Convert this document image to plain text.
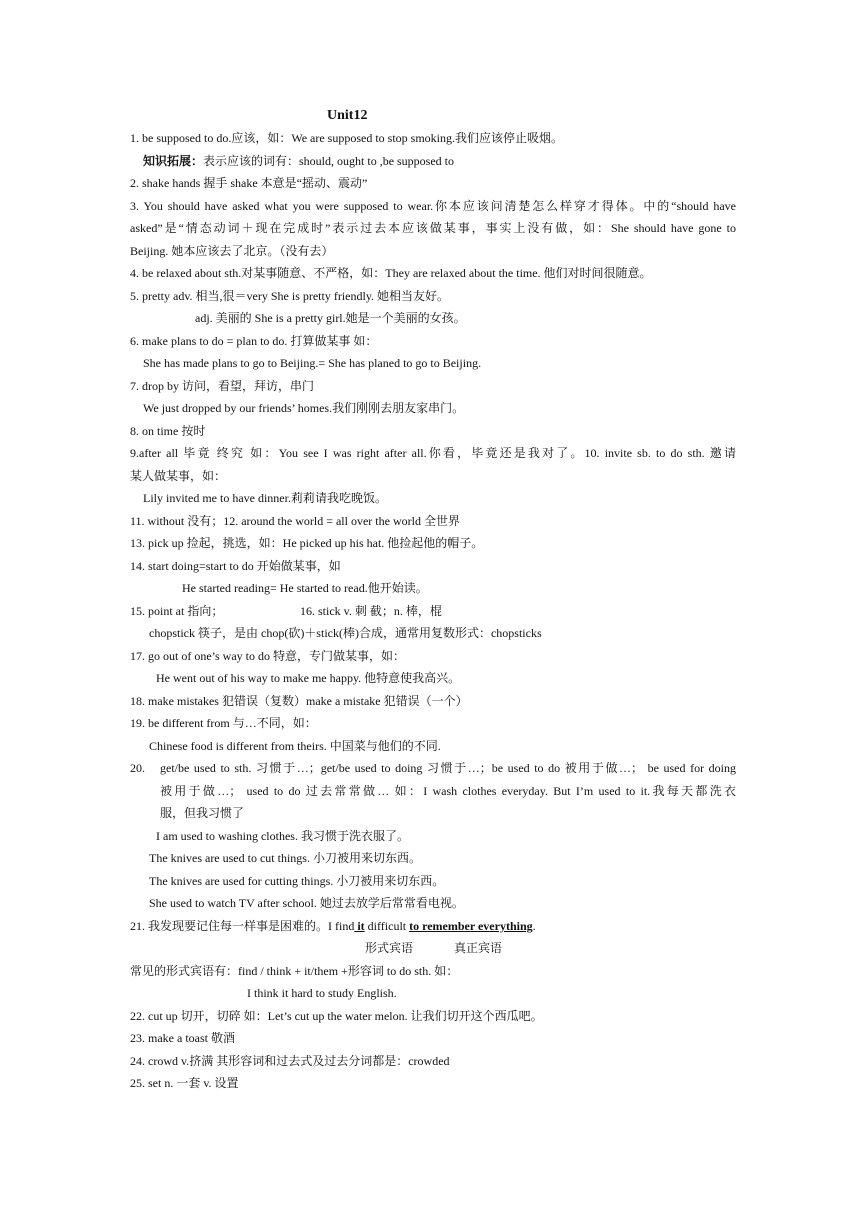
Unit12
1. be supposed to do.应该，如：We are supposed to stop smoking.我们应该停止吸烟。
知识拓展：表示应该的词有：should, ought to ,be supposed to
2. shake hands 握手 shake 本意是“摇动、震动”
3. You should have asked what you were supposed to wear.你本应该问清楚怎么样穿才得体。中的“should have
asked”是“情态动词＋现在完成时”表示过去本应该做某事，事实上没有做，如：She should have gone to
Beijing. 她本应该去了北京。（没有去）
4. be relaxed about sth.对某事随意、不严格，如：They are relaxed about the time. 他们对时间很随意。
5. pretty adv. 相当,很＝very She is pretty friendly. 她相当友好。
adj. 美丽的 She is a pretty girl.她是一个美丽的女孩。
6. make plans to do = plan to do. 打算做某事 如：
She has made plans to go to Beijing.= She has planed to go to Beijing.
7. drop by 访问，看望，拜访，串门
We just dropped by our friends’ homes.我们刚刚去朋友家串门。
8. on time 按时
9.after all 毕竟 终究 如：You see I was right after all.你看，毕竟还是我对了。10. invite sb. to do sth. 邀请
某人做某事，如：
Lily invited me to have dinner.莉莉请我吃晚饭。
11. without 没有；12. around the world = all over the world 全世界
13. pick up 捡起，挑选，如：He picked up his hat. 他捡起他的帽子。
14. start doing=start to do 开始做某事，如
He started reading= He started to read.他开始读。
15. point at 指向；	16. stick v. 刺 截；n. 棒，棍
chopstick 筷子，是由 chop(砍)＋stick(棒)合成，通常用复数形式：chopsticks
17. go out of one’s way to do 特意，专门做某事，如：
He went out of his way to make me happy. 他特意使我高兴。
18. make mistakes 犯错误（复数）make a mistake 犯错误（一个）
19. be different from 与…不同，如：
Chinese food is different from theirs. 中国菜与他们的不同.
20.	get/be used to sth. 习惯于…；get/be used to doing 习惯于…；be used to do 被用于做…； be used for doing
被用于做…； used to do 过去常常做… 如：I wash clothes everyday. But I’m used to it.我每天都洗衣
服，但我习惯了
I am used to washing clothes. 我习惯于洗衣服了。
The knives are used to cut things. 小刀被用来切东西。
The knives are used for cutting things. 小刀被用来切东西。
She used to watch TV after school. 她过去放学后常常看电视。
21. 我发现要记住每一样事是困难的。I find it difficult to remember everything.
形式宾语	真正宾语
常见的形式宾语有：find / think + it/them +形容词 to do sth. 如：
I think it hard to study English.
22. cut up 切开，切碎 如：Let’s cut up the water melon. 让我们切开这个西瓜吧。
23. make a toast 敬酒
24. crowd v.挤满 其形容词和过去式及过去分词都是：crowded
25. set n. 一套 v. 设置
